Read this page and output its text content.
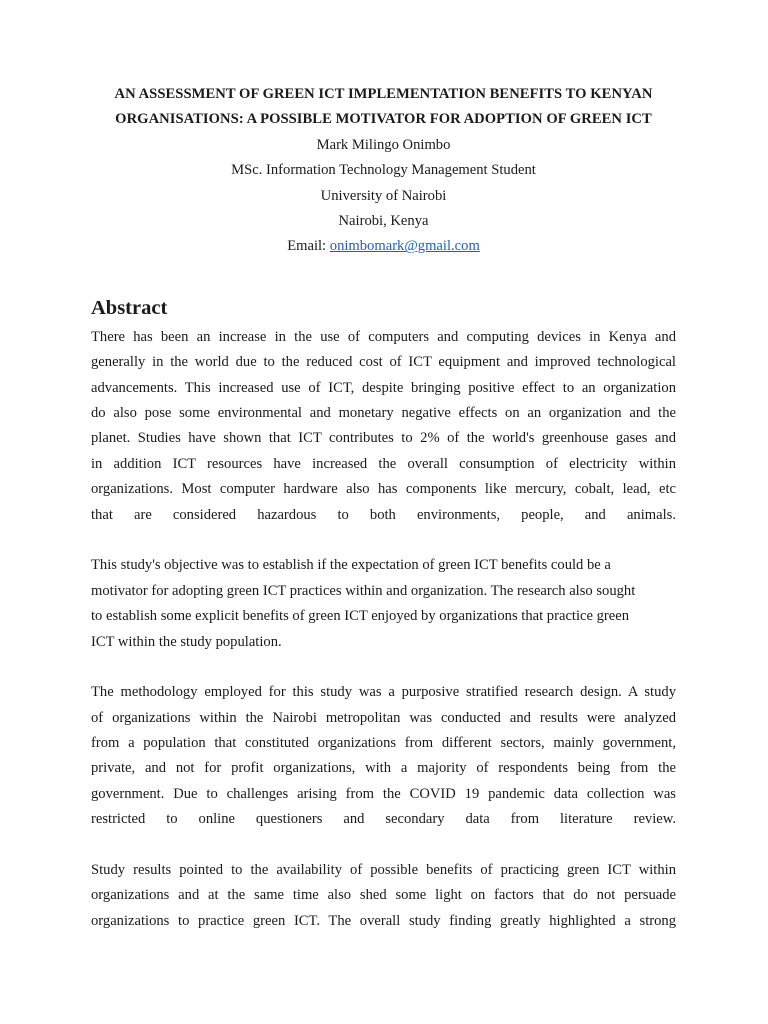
AN ASSESSMENT OF GREEN ICT IMPLEMENTATION BENEFITS TO KENYAN
ORGANISATIONS: A POSSIBLE MOTIVATOR FOR ADOPTION OF GREEN ICT
Mark Milingo Onimbo
MSc. Information Technology Management Student
University of Nairobi
Nairobi, Kenya
Email: onimbomark@gmail.com
Abstract

There has been an increase in the use of computers and computing devices in Kenya and
generally in the world due to the reduced cost of ICT equipment and improved technological
advancements. This increased use of ICT, despite bringing positive effect to an organization
do also pose some environmental and monetary negative effects on an organization and the
planet. Studies have shown that ICT contributes to 2% of the world's greenhouse gases and
in addition ICT resources have increased the overall consumption of electricity within
organizations. Most computer hardware also has components like mercury, cobalt, lead, etc
that are considered hazardous to both environments, people, and animals.

This study's objective was to establish if the expectation of green ICT benefits could be a
motivator for adopting green ICT practices within and organization. The research also sought
to establish some explicit benefits of green ICT enjoyed by organizations that practice green
ICT within the study population.

The methodology employed for this study was a purposive stratified research design. A study
of organizations within the Nairobi metropolitan was conducted and results were analyzed
from a population that constituted organizations from different sectors, mainly government,
private, and not for profit organizations, with a majority of respondents being from the
government. Due to challenges arising from the COVID 19 pandemic data collection was
restricted to online questioners and secondary data from literature review.

Study results pointed to the availability of possible benefits of practicing green ICT within
organizations and at the same time also shed some light on factors that do not persuade
organizations to practice green ICT. The overall study finding greatly highlighted a strong
